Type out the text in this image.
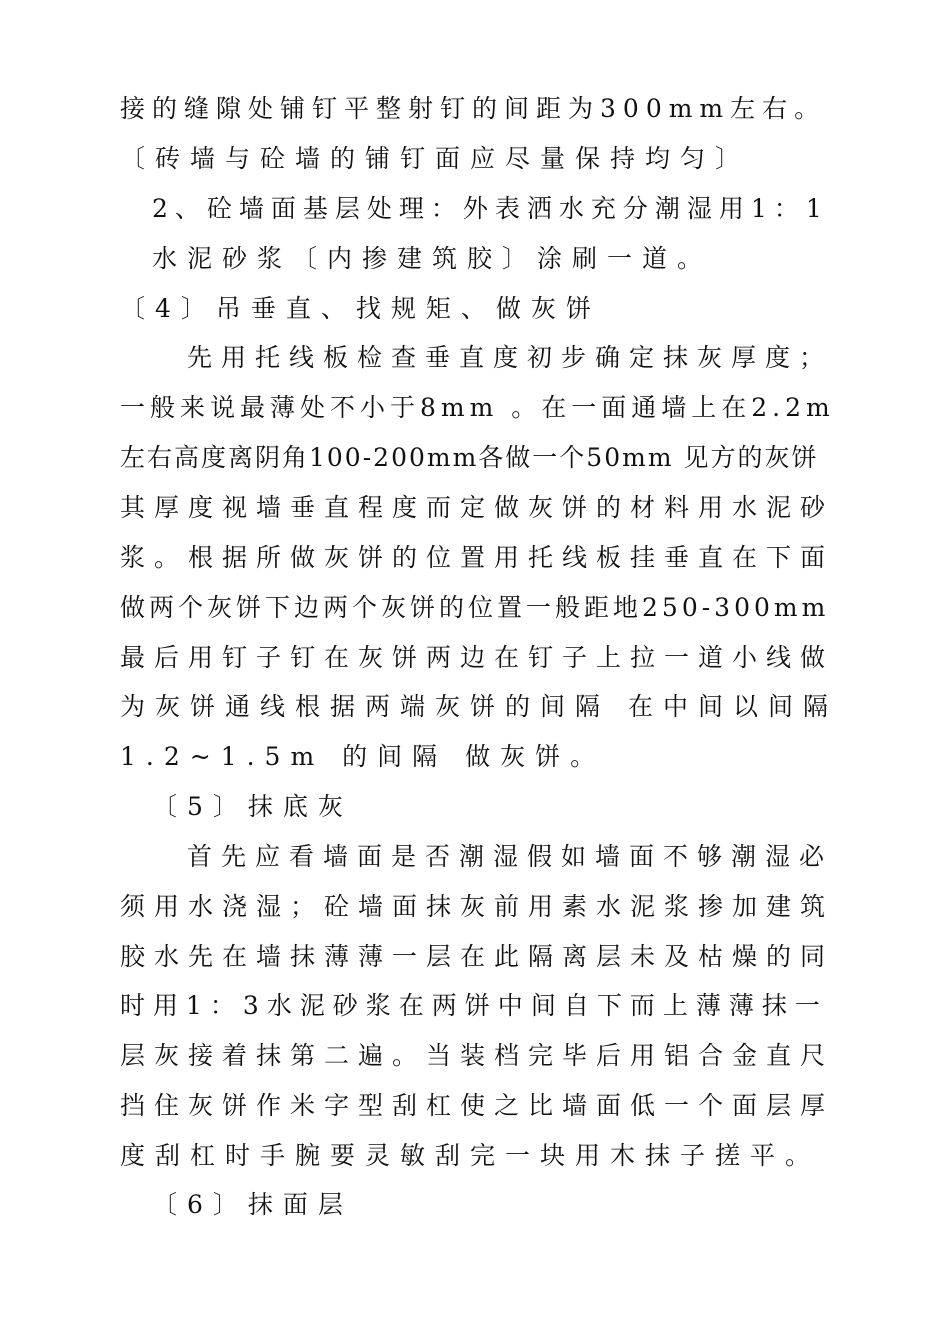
接的缝隙处铺钉平整射钉的间距为300mm左右。
〔砖墙与砼墙的铺钉面应尽量保持均匀〕
2、砼墙面基层处理：外表洒水充分潮湿用1：1
水泥砂浆〔内掺建筑胶〕涂刷一道。
〔4〕吊垂直、找规矩、做灰饼
先用托线板检查垂直度初步确定抹灰厚度；
一般来说最薄处不小于8mm 。在一面通墙上在2.2m
左右高度离阴角100-200mm各做一个50mm 见方的灰饼
其厚度视墙垂直程度而定做灰饼的材料用水泥砂
浆。根据所做灰饼的位置用托线板挂垂直在下面
做两个灰饼下边两个灰饼的位置一般距地250-300mm
最后用钉子钉在灰饼两边在钉子上拉一道小线做
为灰饼通线根据两端灰饼的间隔 在中间以间隔
1.2~1.5m 的间隔 做灰饼。
〔5〕抹底灰
首先应看墙面是否潮湿假如墙面不够潮湿必
须用水浇湿；砼墙面抹灰前用素水泥浆掺加建筑
胶水先在墙抹薄薄一层在此隔离层未及枯燥的同
时用1：3水泥砂浆在两饼中间自下而上薄薄抹一
层灰接着抹第二遍。当装档完毕后用铝合金直尺
挡住灰饼作米字型刮杠使之比墙面低一个面层厚
度刮杠时手腕要灵敏刮完一块用木抹子搓平。
〔6〕抹面层
